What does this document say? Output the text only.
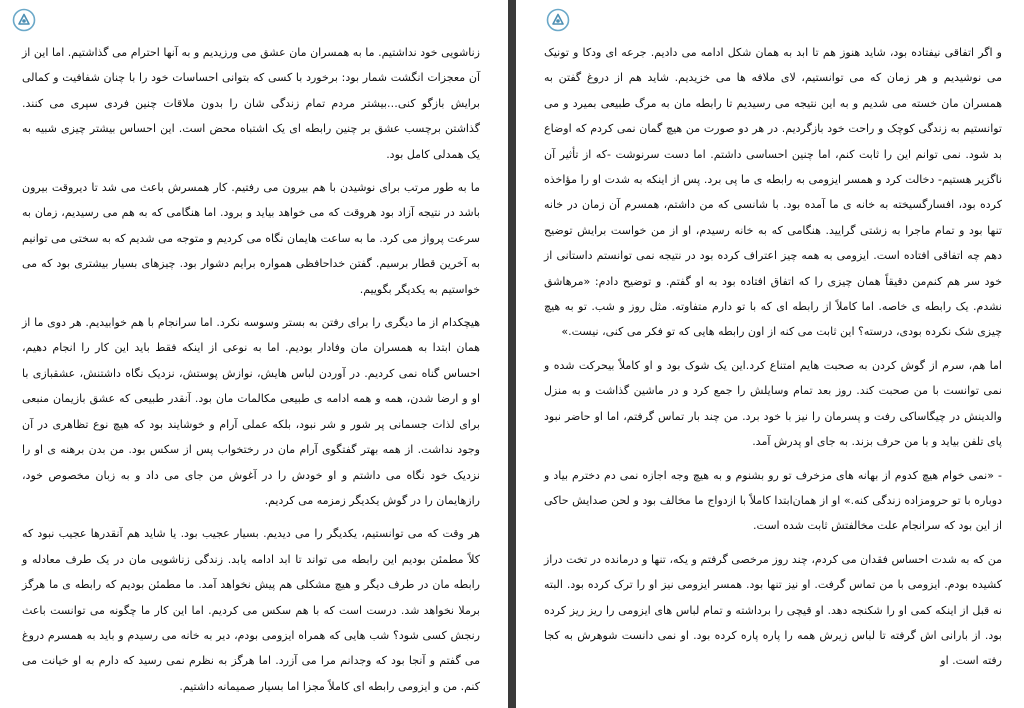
زناشویی خود نداشتیم. ما به همسران مان عشق می ورزیدیم و به آنها احترام می گذاشتیم. اما این از آن معجزات انگشت شمار بود: برخورد با کسی که بتوانی احساسات خود را با چنان شفافیت و کمالی برایش بازگو کنی…بیشتر مردم تمام زندگی شان را بدون ملاقات چنین فردی سپری می کنند. گذاشتن برچسب عشق بر چنین رابطه ای یک اشتباه محض است. این احساس بیشتر چیزی شبیه به یک همدلی کامل بود.

ما به طور مرتب برای نوشیدن با هم بیرون می رفتیم. کار همسرش باعث می شد تا دیروقت بیرون باشد در نتیجه آزاد بود هروقت که می خواهد بیاید و برود. اما هنگامی که به هم می رسیدیم، زمان به سرعت پرواز می کرد. ما به ساعت هایمان نگاه می کردیم و متوجه می شدیم که به سختی می توانیم به آخرین قطار برسیم. گفتن خداحافظی همواره برایم دشوار بود. چیزهای بسیار بیشتری بود که می خواستیم به یکدیگر بگوییم.

هیچکدام از ما دیگری را برای رفتن به بستر وسوسه نکرد. اما سرانجام با هم خوابیدیم. هر دوی ما از همان ابتدا به همسران مان وفادار بودیم. اما به نوعی از اینکه فقط باید این کار را انجام دهیم، احساس گناه نمی کردیم. در آوردن لباس هایش، نوازش پوستش، نزدیک نگاه داشتنش، عشقبازی با او و ارضا شدن، همه و همه ادامه ی طبیعی مکالمات مان بود. آنقدر طبیعی که عشق بازیمان منبعی برای لذات جسمانی پر شور و شر نبود، بلکه عملی آرام و خوشایند بود که هیچ نوع تظاهری در آن وجود نداشت. از همه بهتر گفتگوی آرام مان در رختخواب پس از سکس بود. من بدن برهنه ی او را نزدیک خود نگاه می داشتم و او خودش را در آغوش من جای می داد و به زبان مخصوص خود، رازهایمان را در گوش یکدیگر زمزمه می کردیم.

هر وقت که می توانستیم، یکدیگر را می دیدیم. بسیار عجیب بود. یا شاید هم آنقدرها عجیب نبود که کلاً مطمئن بودیم این رابطه می تواند تا ابد ادامه یابد. زندگی زناشویی مان در یک طرف معادله و رابطه مان در طرف دیگر و هیچ مشکلی هم پیش نخواهد آمد. ما مطمئن بودیم که رابطه ی ما هرگز برملا نخواهد شد. درست است که با هم سکس می کردیم. اما این کار ما چگونه می توانست باعث رنجش کسی شود؟ شب هایی که همراه ایزومی بودم، دیر به خانه می رسیدم و باید به همسرم دروغ می گفتم و آنجا بود که وجدانم مرا می آزرد. اما هرگز به نظرم نمی رسید که دارم به او خیانت می کنم. من و ایزومی رابطه ای کاملاً مجزا اما بسیار صمیمانه داشتیم.

و اگر اتفاقی نیفتاده بود، شاید هنوز هم تا ابد به همان شکل ادامه می دادیم. جرعه ای ودکا و تونیک می نوشیدیم و هر زمان که می توانستیم، لای ملافه ها می خزیدیم. شاید هم از دروغ گفتن به همسران مان خسته می شدیم و به این نتیجه می رسیدیم تا رابطه مان به مرگ طبیعی بمیرد و می توانستیم به زندگی کوچک و راحت خود بازگردیم. در هر دو صورت من هیچ گمان نمی کردم که اوضاع بد شود. نمی توانم این را ثابت کنم، اما چنین احساسی داشتم. اما دست سرنوشت -که از تأثیر آن ناگزیر هستیم- دخالت کرد و همسر ایزومی به رابطه ی ما پی برد. پس از اینکه به شدت او را مؤاخذه کرده بود، افسارگسیخته به خانه ی ما آمده بود. با شانسی که من داشتم، همسرم آن زمان در خانه تنها بود و تمام ماجرا به زشتی گرایید. هنگامی که به خانه رسیدم، او از من خواست برایش توضیح دهم چه اتفاقی افتاده است. ایزومی به همه چیز اعتراف کرده بود در نتیجه نمی توانستم داستانی از خود سر هم کنم‌من دقیقاً همان چیزی را که اتفاق افتاده بود به او گفتم. و توضیح دادم: «مرهاشق نشدم. یک رابطه ی خاصه. اما کاملاً از رابطه ای که با تو دارم متفاوته. مثل روز و شب. تو به هیچ چیزی شک نکرده بودی، درسته؟ این ثابت می کنه از اون رابطه هایی که تو فکر می کنی، نیست.»

اما هم، سرم از گوش کردن به صحبت هایم امتناع کرد.این یک شوک بود و او کاملاً بیحرکت شده و نمی توانست با من صحبت کند. روز بعد تمام وسایلش را جمع کرد و در ماشین گذاشت و به منزل والدینش در چیگاساکی رفت و پسرمان را نیز با خود برد. من چند بار تماس گرفتم، اما او حاضر نبود پای تلفن بیاید و با من حرف بزند. به جای او پدرش آمد.

- «نمی خوام هیچ کدوم از بهانه های مزخرف تو رو بشنوم و به هیچ وجه اجازه نمی دم دخترم بیاد و دوباره با تو حرومزاده زندگی کنه.» او از همان‌ابتدا کاملاً با ازدواج ما مخالف بود و لحن صدایش حاکی از این بود که سرانجام علت مخالفتش ثابت شده است.

من که به شدت احساس فقدان می کردم، چند روز مرخصی گرفتم و یکه، تنها و درمانده در تخت دراز کشیده بودم. ایزومی با من تماس گرفت. او نیز تنها بود. همسر ایزومی نیز او را ترک کرده بود. البته نه قبل از اینکه کمی او را شکنجه دهد. او قیچی را برداشته و تمام لباس های ایزومی را ریز ریز کرده بود. از بارانی اش گرفته تا لباس زیرش همه را پاره پاره کرده بود. او نمی دانست شوهرش به کجا رفته است. او
